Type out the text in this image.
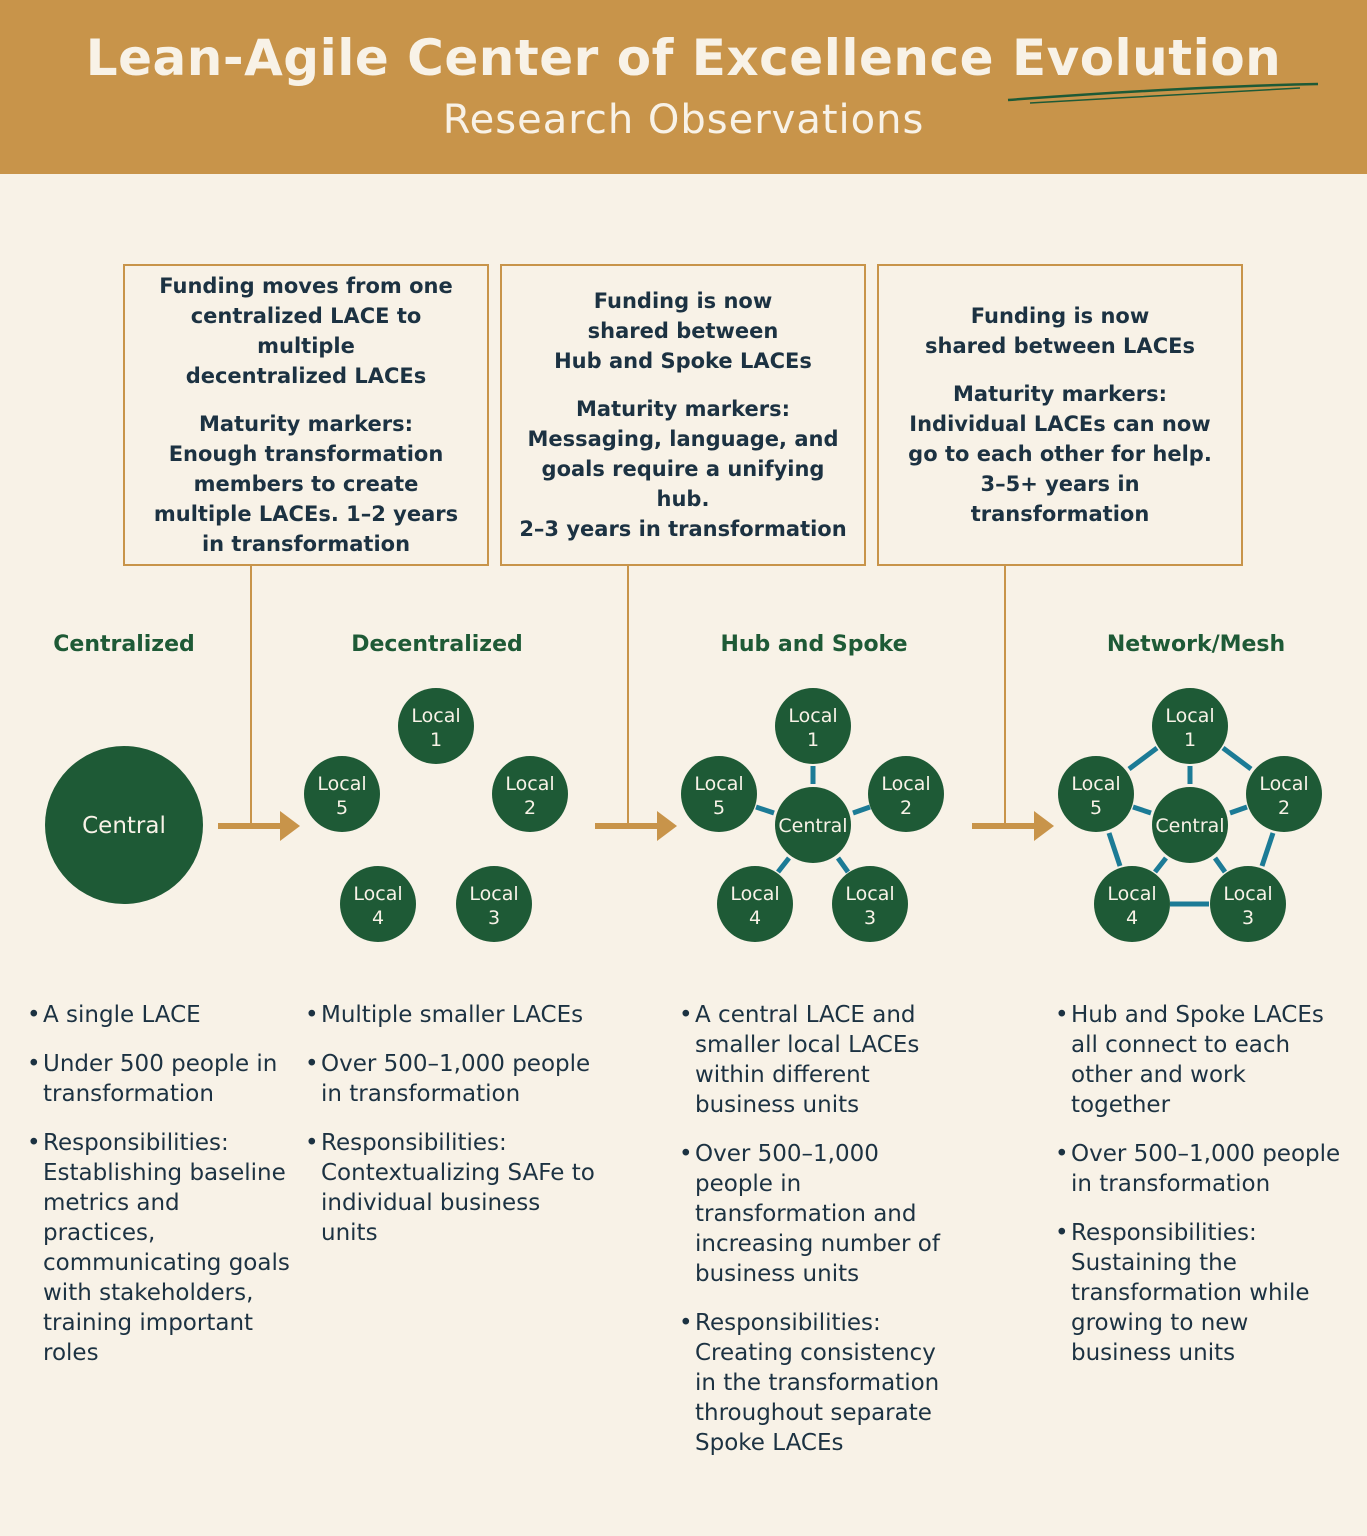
Lean-Agile Center of Excellence Evolution
Research Observations

Funding moves from one

centralized LACE to multiple

decentralized LACEs

Maturity markers:

Enough transformation

members to create

multiple LACEs. 1–2 years

in transformation

Funding is now

shared between

Hub and Spoke LACEs

Maturity markers:

Messaging, language, and

goals require a unifying hub.

2–3 years in transformation

Funding is now

shared between LACEs

Maturity markers:

Individual LACEs can now

go to each other for help.

3–5+ years in transformation

Centralized	Decentralized	Hub and Spoke	Network/Mesh
Central
Local
1
Local
2
Local
3
Local
4
Local
5
Central
Local
1
Local
2
Local
3
Local
4
Local
5
Central
Local
1
Local
2
Local
3
Local
4
Local
5
• A single LACE
• Under 500 people in transformation
• Responsibilities: Establishing baseline metrics and practices, communicating goals with stakeholders, training important roles
• Multiple smaller LACEs
• Over 500–1,000 people in transformation
• Responsibilities: Contextualizing SAFe to individual business units
• A central LACE and smaller local LACEs within different business units
• Over 500–1,000 people in transformation and increasing number of business units
• Responsibilities: Creating consistency in the transformation throughout separate Spoke LACEs
• Hub and Spoke LACEs all connect to each other and work together
• Over 500–1,000 people in transformation
• Responsibilities: Sustaining the transformation while growing to new business units
